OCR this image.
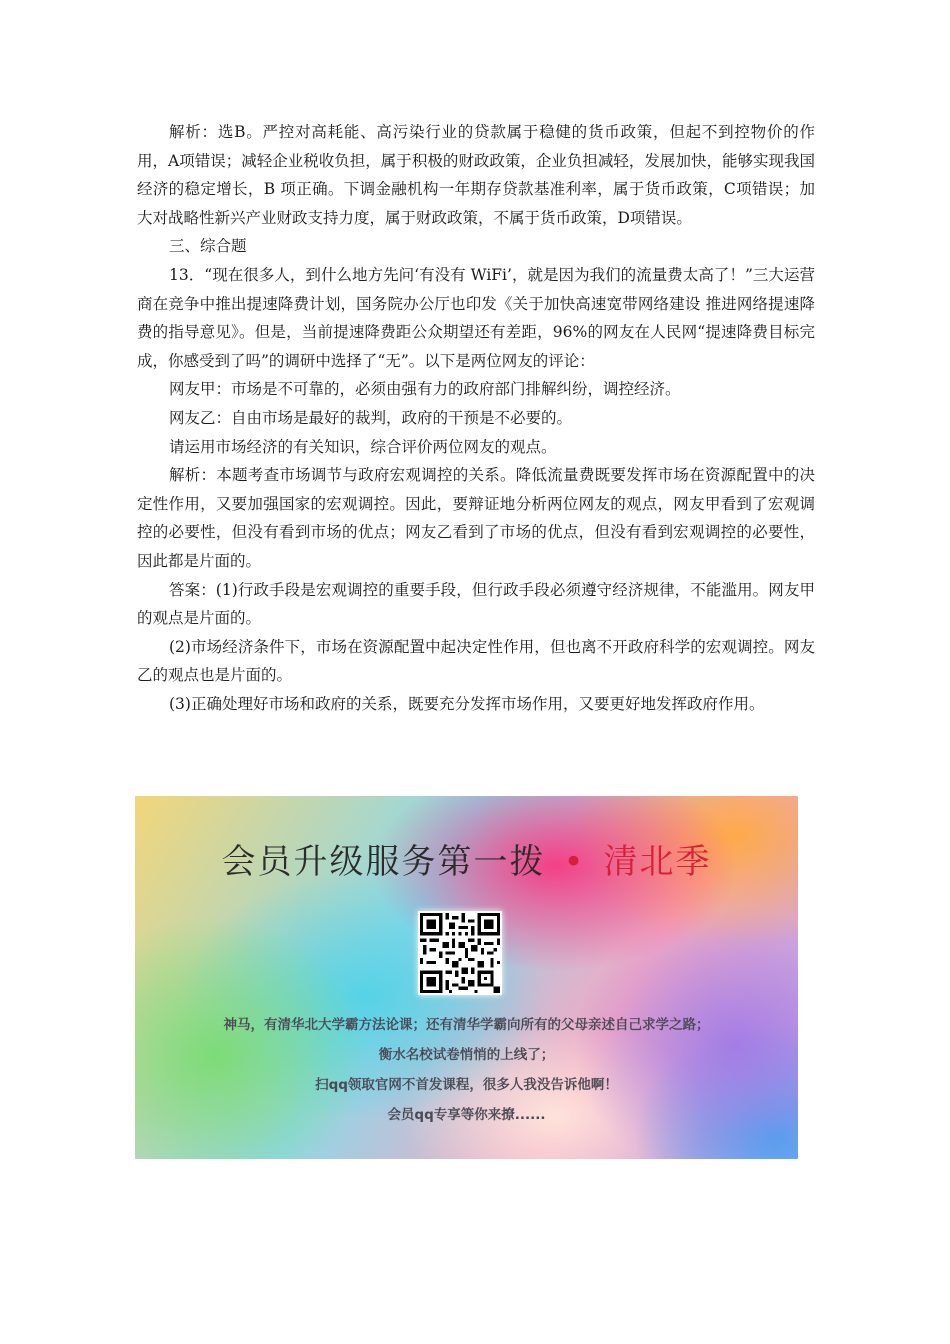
解析：选B。严控对高耗能、高污染行业的贷款属于稳健的货币政策，但起不到控物价的作用，A项错误；减轻企业税收负担，属于积极的财政政策，企业负担减轻，发展加快，能够实现我国经济的稳定增长，B 项正确。下调金融机构一年期存贷款基准利率，属于货币政策，C项错误；加大对战略性新兴产业财政支持力度，属于财政政策，不属于货币政策，D项错误。

三、综合题

13．“现在很多人，到什么地方先问‘有没有 WiFi’，就是因为我们的流量费太高了！”三大运营商在竞争中推出提速降费计划，国务院办公厅也印发《关于加快高速宽带网络建设 推进网络提速降费的指导意见》。但是，当前提速降费距公众期望还有差距，96%的网友在人民网“提速降费目标完成，你感受到了吗”的调研中选择了“无”。以下是两位网友的评论：

网友甲：市场是不可靠的，必须由强有力的政府部门排解纠纷，调控经济。

网友乙：自由市场是最好的裁判，政府的干预是不必要的。

请运用市场经济的有关知识，综合评价两位网友的观点。

解析：本题考查市场调节与政府宏观调控的关系。降低流量费既要发挥市场在资源配置中的决定性作用，又要加强国家的宏观调控。因此，要辩证地分析两位网友的观点，网友甲看到了宏观调控的必要性，但没有看到市场的优点；网友乙看到了市场的优点，但没有看到宏观调控的必要性，因此都是片面的。

答案：(1)行政手段是宏观调控的重要手段，但行政手段必须遵守经济规律，不能滥用。网友甲的观点是片面的。

(2)市场经济条件下，市场在资源配置中起决定性作用，但也离不开政府科学的宏观调控。网友乙的观点也是片面的。

(3)正确处理好市场和政府的关系，既要充分发挥市场作用，又要更好地发挥政府作用。

会员升级服务第一拨 • 清北季
神马，有清华北大学霸方法论课；还有清华学霸向所有的父母亲述自己求学之路；
衡水名校试卷悄悄的上线了；
扫qq领取官网不首发课程，很多人我没告诉他啊！
会员qq专享等你来撩......
